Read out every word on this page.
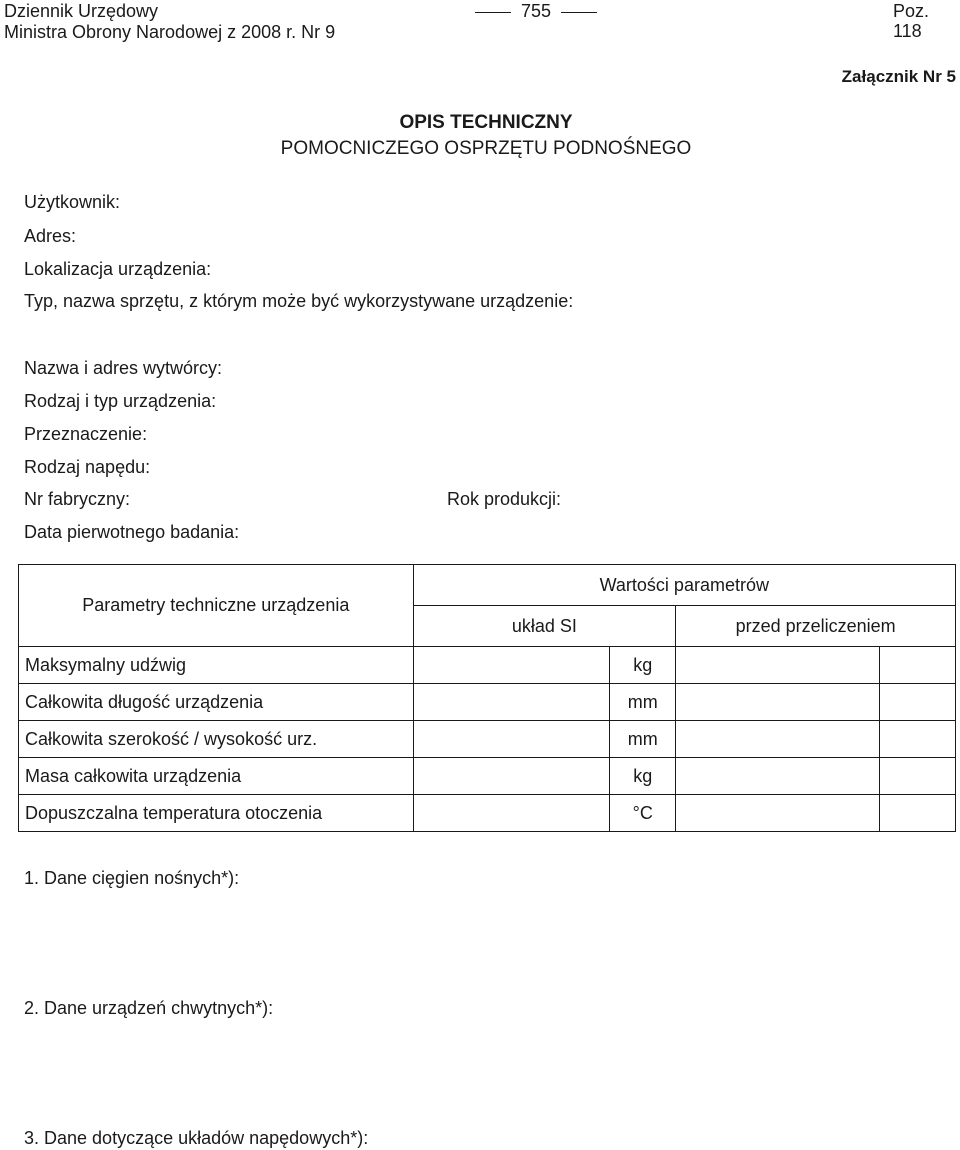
Dziennik Urzędowy
Ministra Obrony Narodowej z 2008 r. Nr 9
755	Poz. 118
Załącznik Nr 5
OPIS TECHNICZNY
POMOCNICZEGO OSPRZĘTU PODNOŚNEGO
Użytkownik:
Adres:
Lokalizacja urządzenia:
Typ, nazwa sprzętu, z którym może być wykorzystywane urządzenie:
Nazwa i adres wytwórcy:
Rodzaj i typ urządzenia:
Przeznaczenie:
Rodzaj napędu:
Nr fabryczny:	Rok produkcji:
Data pierwotnego badania:
Parametry techniczne urządzenia	Wartości parametrów			
	układ SI		przed przeliczeniem	
Maksymalny udźwig		kg		
Całkowita długość urządzenia		mm		
Całkowita szerokość / wysokość urz.		mm		
Masa całkowita urządzenia		kg		
Dopuszczalna temperatura otoczenia		°C		
1. Dane cięgien nośnych*):
2. Dane urządzeń chwytnych*):
3. Dane dotyczące układów napędowych*):
